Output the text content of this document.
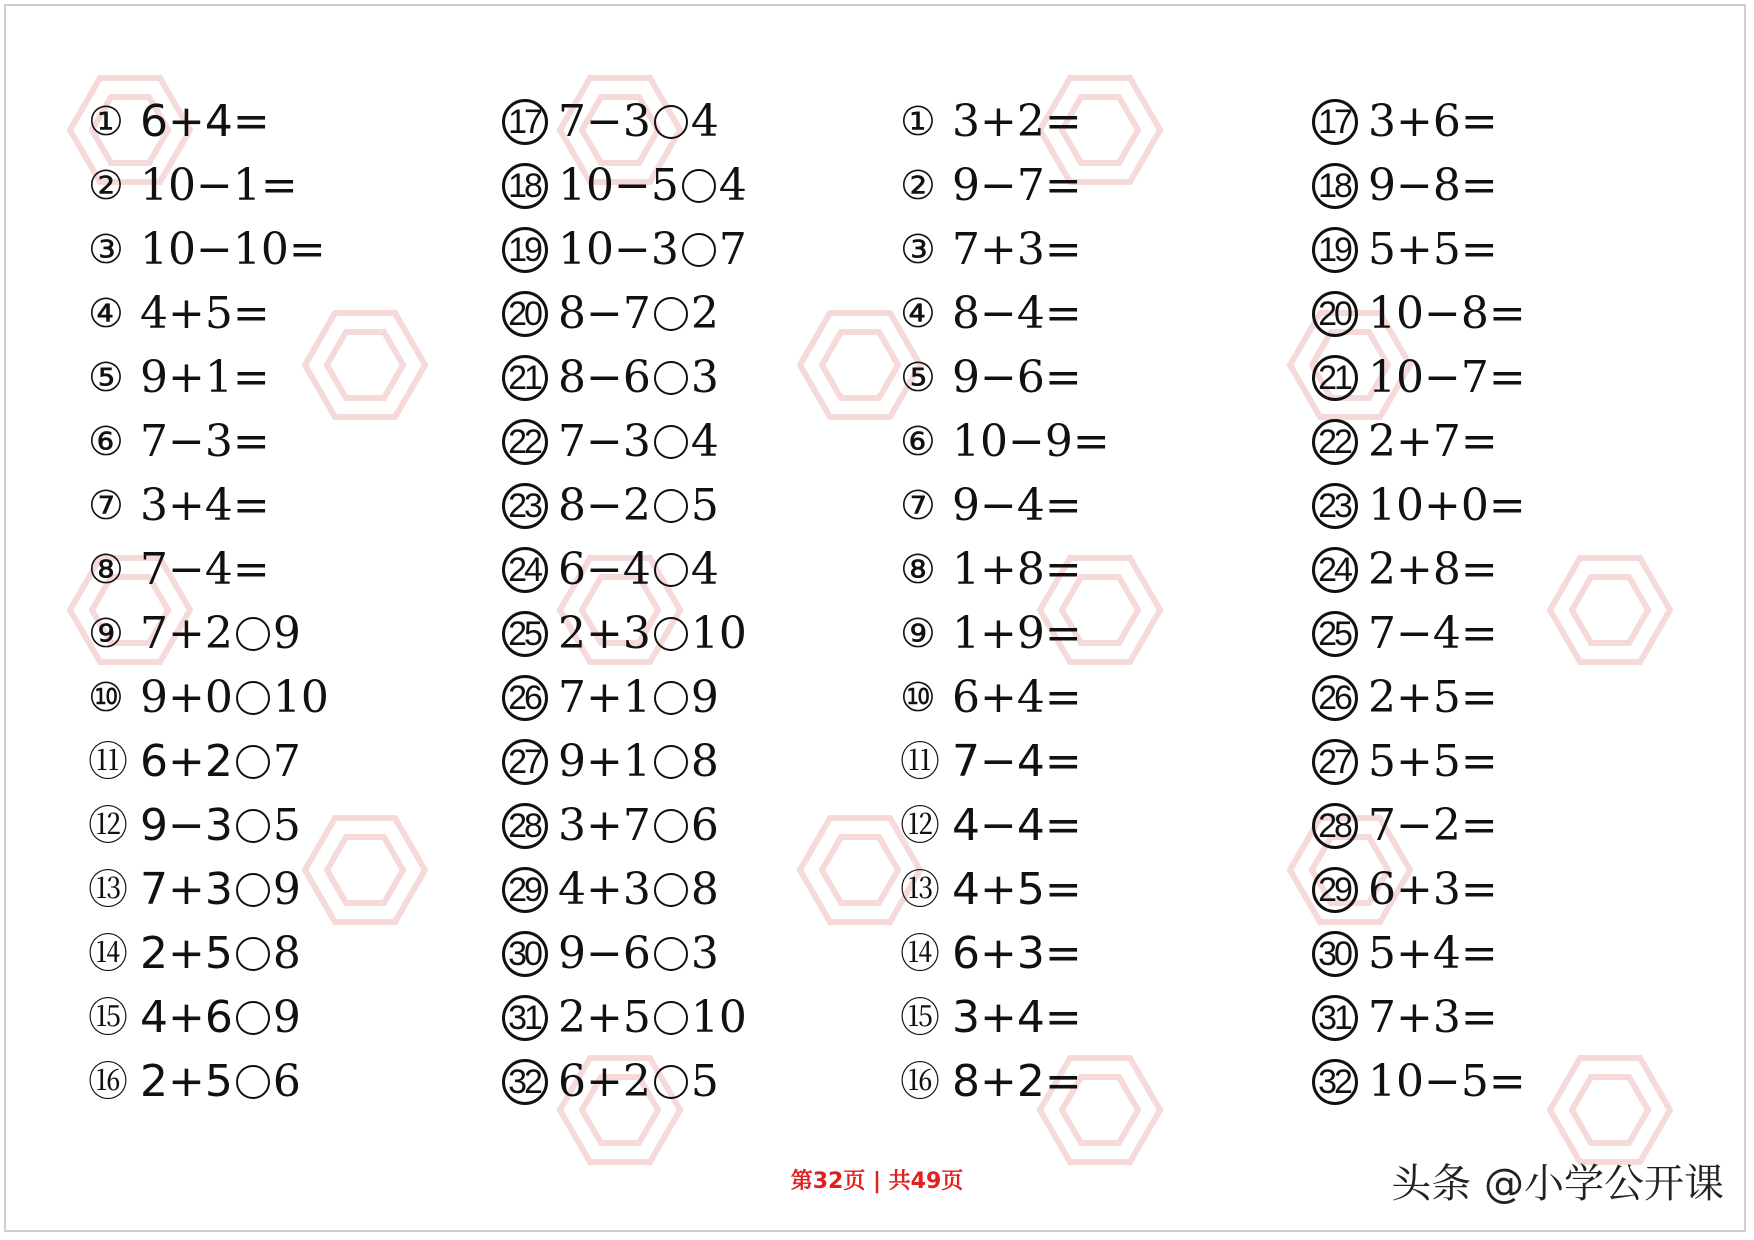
① 6+4=
② 10−1=
③ 10−10=
④ 4+5=
⑤ 9+1=
⑥ 7−3=
⑦ 3+4=
⑧ 7−4=
⑨ 7+2 9
⑩ 9+0 10
⑪ 6+2 7
⑫ 9−3 5
⑬ 7+3 9
⑭ 2+5 8
⑮ 4+6 9
⑯ 2+5 6
17 7−3 4
18 10−5 4
19 10−3 7
20 8−7 2
21 8−6 3
22 7−3 4
23 8−2 5
24 6−4 4
25 2+3 10
26 7+1 9
27 9+1 8
28 3+7 6
29 4+3 8
30 9−6 3
31 2+5 10
32 6+2 5
① 3+2=
② 9−7=
③ 7+3=
④ 8−4=
⑤ 9−6=
⑥ 10−9=
⑦ 9−4=
⑧ 1+8=
⑨ 1+9=
⑩ 6+4=
⑪ 7−4=
⑫ 4−4=
⑬ 4+5=
⑭ 6+3=
⑮ 3+4=
⑯ 8+2=
17 3+6=
18 9−8=
19 5+5=
20 10−8=
21 10−7=
22 2+7=
23 10+0=
24 2+8=
25 7−4=
26 2+5=
27 5+5=
28 7−2=
29 6+3=
30 5+4=
31 7+3=
32 10−5=
第32页 | 共49页	头条 @小学公开课
